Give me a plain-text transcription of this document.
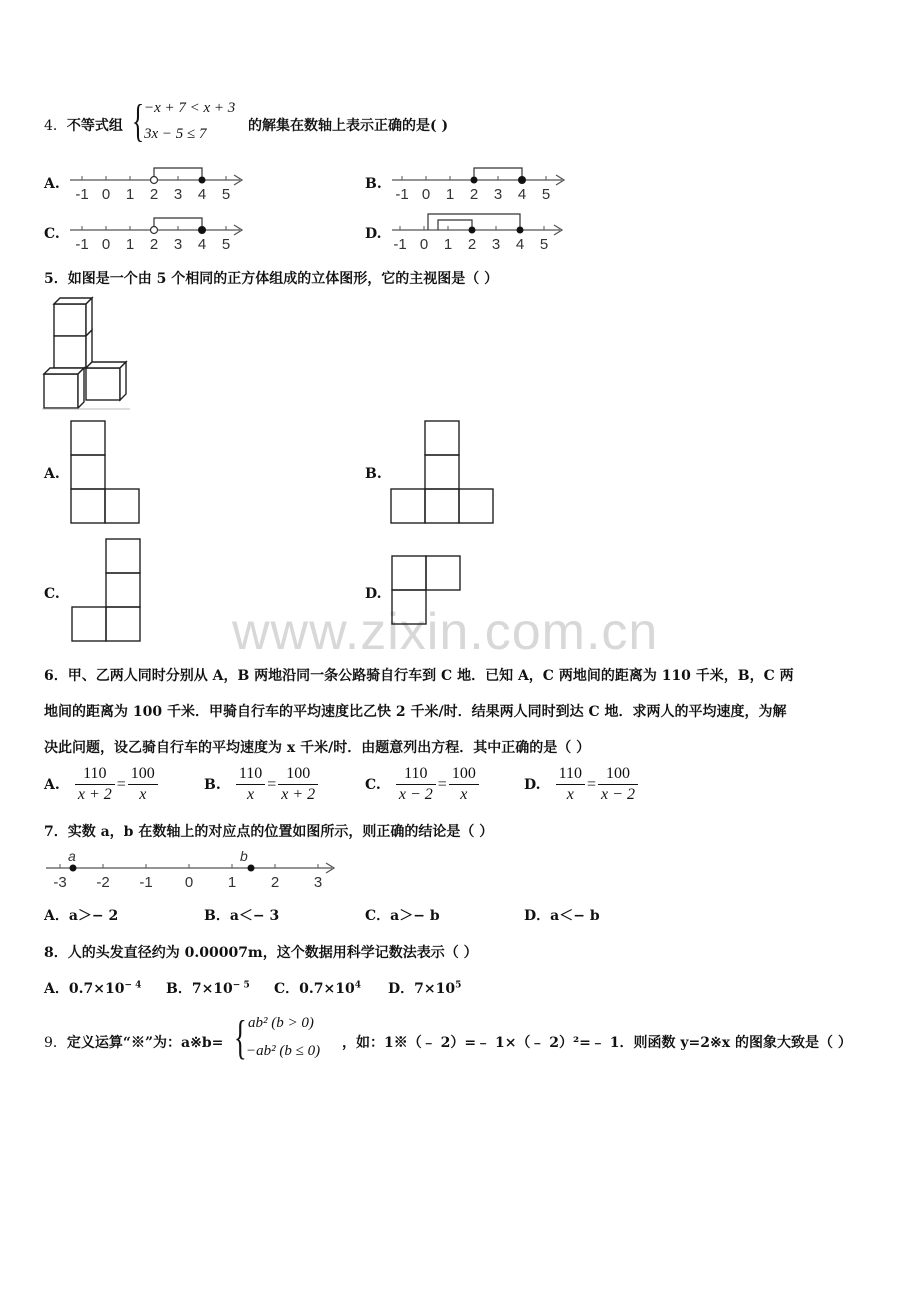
www.zixin.com.cn
4．不等式组 { −x + 7 < x + 3
3x − 5 ≤ 7	的解集在数轴上表示正确的是( )
A.	B.
C.	D.
-1 0 1 2 3 4 5	-1 0 1 2 3 4 5
-1 0 1 2 3 4 5	-1 0 1 2 3 4 5
5．如图是一个由 5 个相同的正方体组成的立体图形，它的主视图是（ ）
A.	B.
C.	D.
6．甲、乙两人同时分别从 A，B 两地沿同一条公路骑自行车到 C 地．已知 A，C 两地间的距离为 110 千米，B，C 两
地间的距离为 100 千米．甲骑自行车的平均速度比乙快 2 千米/时．结果两人同时到达 C 地．求两人的平均速度，为解
决此问题，设乙骑自行车的平均速度为 x 千米/时．由题意列出方程．其中正确的是（ ）
A. $\frac{110}{x + 2} = \frac{100}{x}$	B. $\frac{110}{x} = \frac{100}{x + 2}$	C. $\frac{110}{x - 2} = \frac{100}{x}$	D. $\frac{110}{x} = \frac{100}{x - 2}$
7．实数 a，b 在数轴上的对应点的位置如图所示，则正确的结论是（ ）
a	b
-3 -2 -1 0 1 2 3
A．a＞− 2	B．a＜− 3	C．a＞− b	D．a＜− b
8．人的头发直径约为 0.00007m，这个数据用科学记数法表示（ ）
A．$0.7\times 10^{- 4}$ B．$7\times 10^{- 5}$ C．$0.7\times 10^4$ D．$7\times 10^5$
9．定义运算“※”为：a※b= { ab² (b > 0)
−ab² (b ≤ 0) ，如：1※（﹣ 2）=﹣ 1×（﹣ 2）²=﹣ 1．则函数 y=2※x 的图象大致是（ ）
